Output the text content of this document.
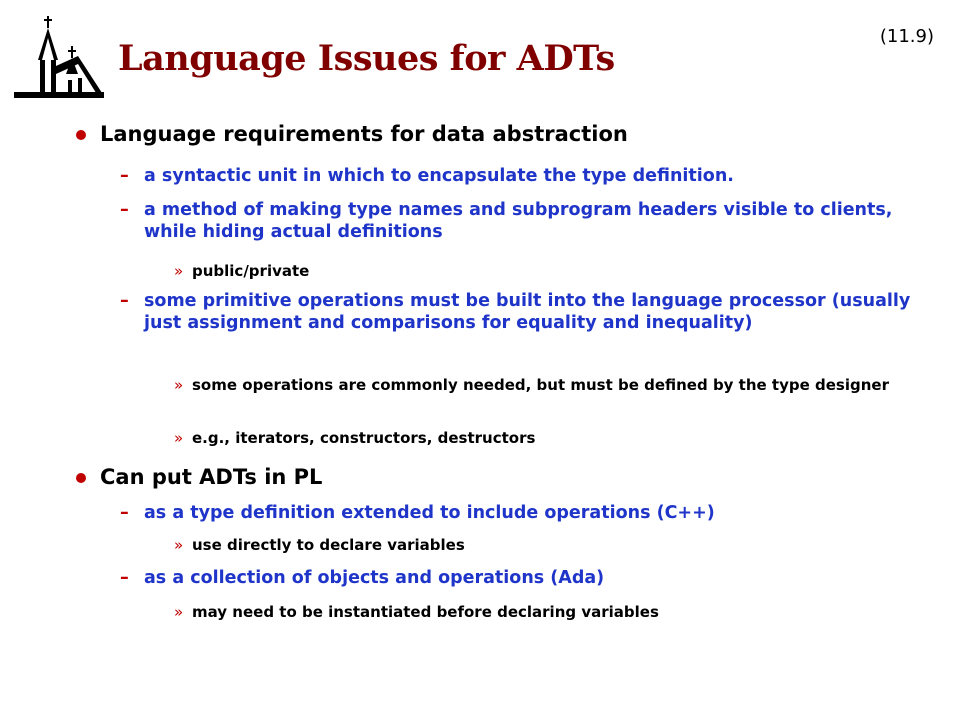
Language Issues for ADTs
(11.9)
Language requirements for data abstraction
– a syntactic unit in which to encapsulate the type definition.
– a method of making type names and subprogram headers visible to clients, while hiding actual definitions
» public/private
– some primitive operations must be built into the language processor (usually just assignment and comparisons for equality and inequality)
» some operations are commonly needed, but must be defined by the type designer
» e.g., iterators, constructors, destructors
Can put ADTs in PL
– as a type definition extended to include operations (C++)
» use directly to declare variables
– as a collection of objects and operations (Ada)
» may need to be instantiated before declaring variables
